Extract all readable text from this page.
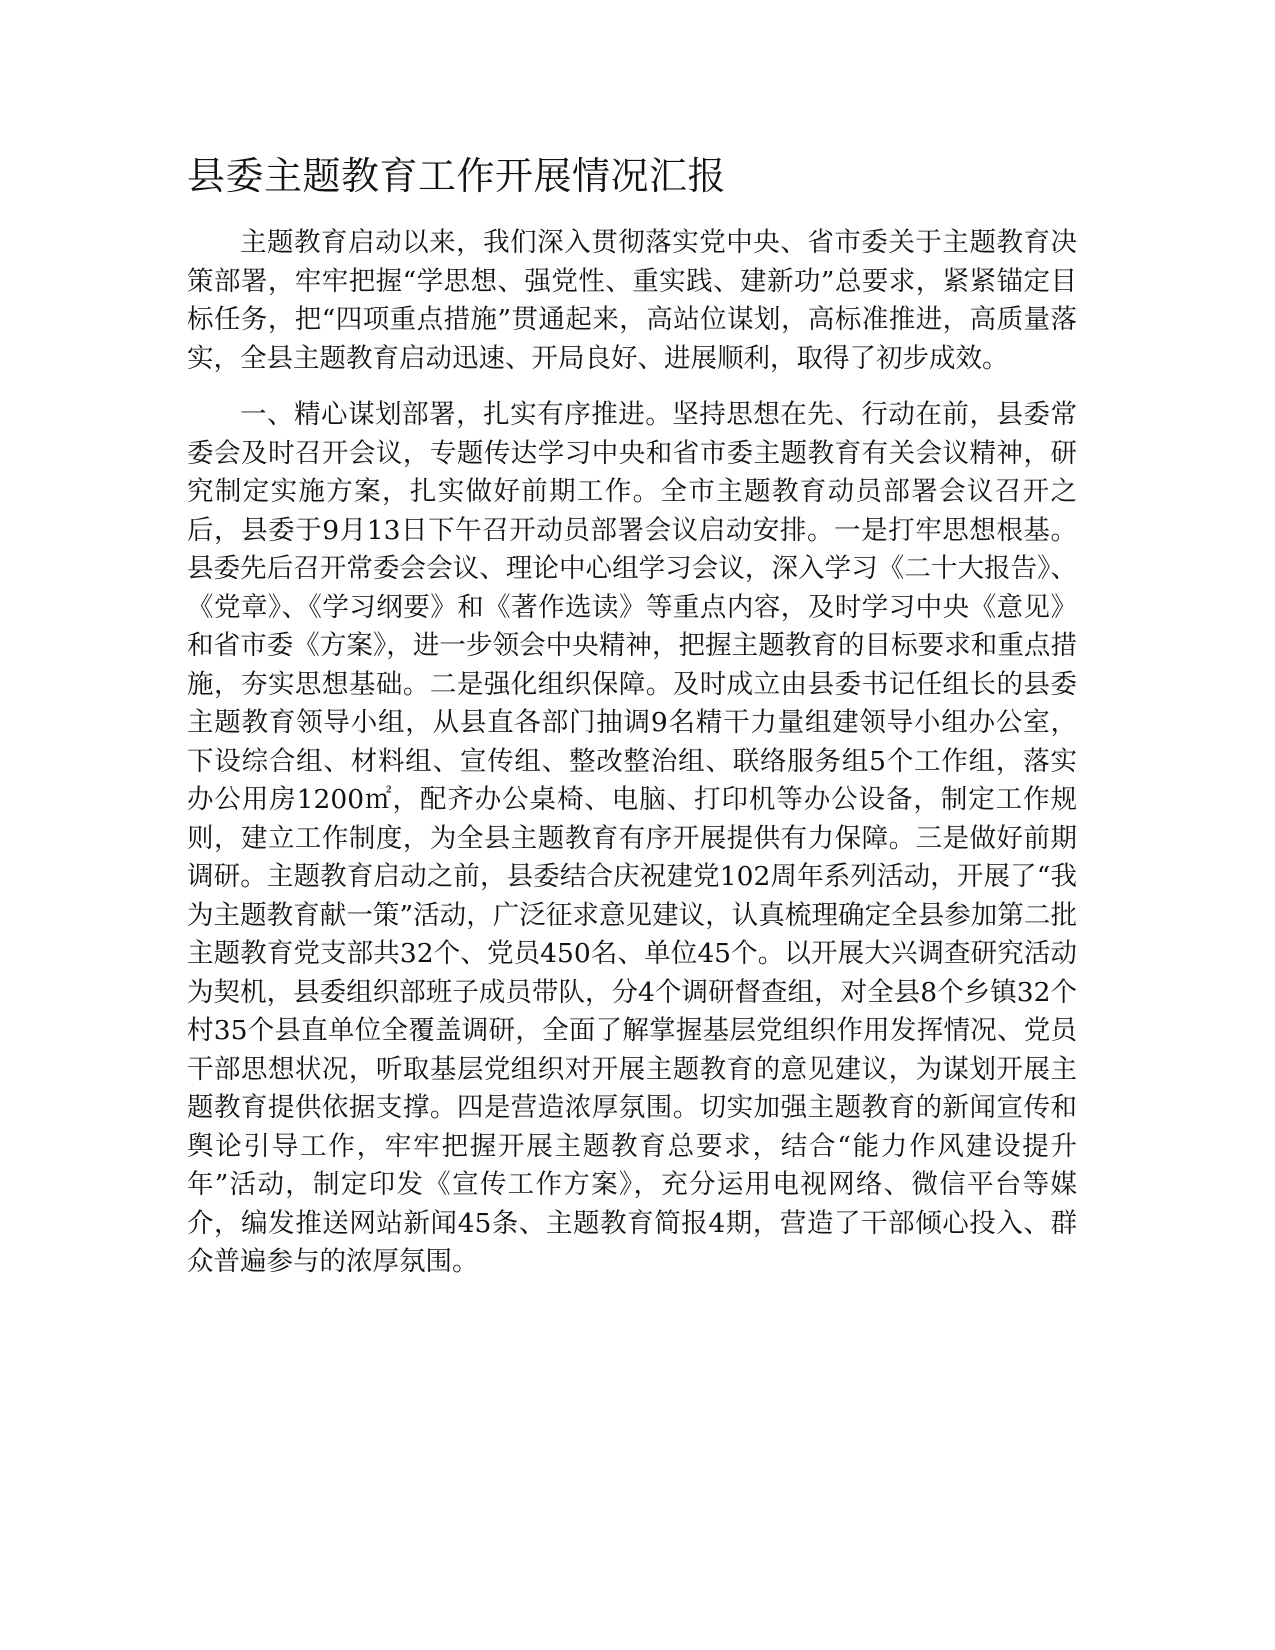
县委主题教育工作开展情况汇报

主题教育启动以来，我们深入贯彻落实党中央、省市委关于主题教育决策部署，牢牢把握“学思想、强党性、重实践、建新功”总要求，紧紧锚定目标任务，把“四项重点措施”贯通起来，高站位谋划，高标准推进，高质量落实，全县主题教育启动迅速、开局良好、进展顺利，取得了初步成效。

一、精心谋划部署，扎实有序推进。坚持思想在先、行动在前，县委常委会及时召开会议，专题传达学习中央和省市委主题教育有关会议精神，研究制定实施方案，扎实做好前期工作。全市主题教育动员部署会议召开之后，县委于9月13日下午召开动员部署会议启动安排。一是打牢思想根基。县委先后召开常委会会议、理论中心组学习会议，深入学习《二十大报告》、《党章》、《学习纲要》和《著作选读》等重点内容，及时学习中央《意见》和省市委《方案》，进一步领会中央精神，把握主题教育的目标要求和重点措施，夯实思想基础。二是强化组织保障。及时成立由县委书记任组长的县委主题教育领导小组，从县直各部门抽调9名精干力量组建领导小组办公室，下设综合组、材料组、宣传组、整改整治组、联络服务组5个工作组，落实办公用房1200㎡，配齐办公桌椅、电脑、打印机等办公设备，制定工作规则，建立工作制度，为全县主题教育有序开展提供有力保障。三是做好前期调研。主题教育启动之前，县委结合庆祝建党102周年系列活动，开展了“我为主题教育献一策”活动，广泛征求意见建议，认真梳理确定全县参加第二批主题教育党支部共32个、党员450名、单位45个。以开展大兴调查研究活动为契机，县委组织部班子成员带队，分4个调研督查组，对全县8个乡镇32个村35个县直单位全覆盖调研，全面了解掌握基层党组织作用发挥情况、党员干部思想状况，听取基层党组织对开展主题教育的意见建议，为谋划开展主题教育提供依据支撑。四是营造浓厚氛围。切实加强主题教育的新闻宣传和舆论引导工作，牢牢把握开展主题教育总要求，结合“能力作风建设提升年”活动，制定印发《宣传工作方案》，充分运用电视网络、微信平台等媒介，编发推送网站新闻45条、主题教育简报4期，营造了干部倾心投入、群众普遍参与的浓厚氛围。
